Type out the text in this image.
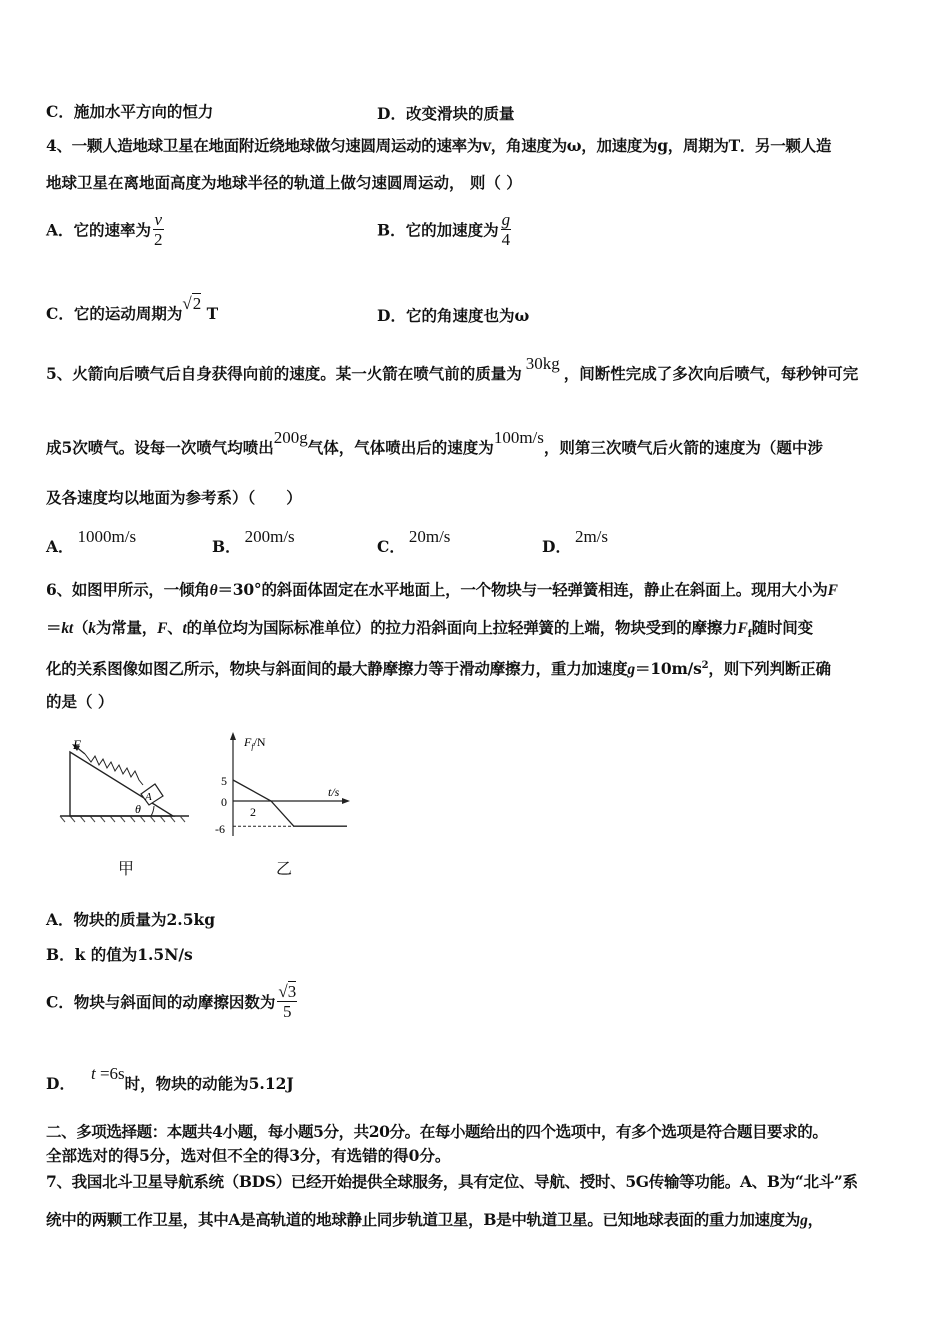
C．施加水平方向的恒力	D．改变滑块的质量
4、一颗人造地球卫星在地面附近绕地球做匀速圆周运动的速率为v，角速度为ω，加速度为g，周期为T．另一颗人造
地球卫星在离地面高度为地球半径的轨道上做匀速圆周运动， 则（ ）
A．它的速率为 $\frac{v}{2}$	B．它的加速度为 $\frac{g}{4}$
C．它的运动周期为√2 T	D．它的角速度也为ω
5、火箭向后喷气后自身获得向前的速度。某一火箭在喷气前的质量为30kg，间断性完成了多次向后喷气，每秒钟可完
成5次喷气。设每一次喷气均喷出200g气体，气体喷出后的速度为100m/s，则第三次喷气后火箭的速度为（题中涉
及各速度均以地面为参考系）（　　）
A．1000m/s
B．200m/s
C．20m/s
D．2m/s
6、如图甲所示，一倾角θ＝30°的斜面体固定在水平地面上，一个物块与一轻弹簧相连，静止在斜面上。现用大小为F
＝kt（k为常量，F、t的单位均为国际标准单位）的拉力沿斜面向上拉轻弹簧的上端，物块受到的摩擦力$F_f$随时间变
化的关系图像如图乙所示，物块与斜面间的最大静摩擦力等于滑动摩擦力，重力加速度$g=10m/s^2$，则下列判断正确
的是（ ）
F
A
θ
甲
$F_f/N$
t/s
5
0
-6
2
乙
A．物块的质量为2.5kg
B．k 的值为1.5N/s
C．物块与斜面间的动摩擦因数为 $\frac{√3}{5}$
D．t =6s时，物块的动能为5.12J
二、多项选择题：本题共4小题，每小题5分，共20分。在每小题给出的四个选项中，有多个选项是符合题目要求的。
全部选对的得5分，选对但不全的得3分，有选错的得0分。
7、我国北斗卫星导航系统（BDS）已经开始提供全球服务，具有定位、导航、授时、5G传输等功能。A、B为“北斗”系
统中的两颗工作卫星，其中A是高轨道的地球静止同步轨道卫星，B是中轨道卫星。已知地球表面的重力加速度为g，
